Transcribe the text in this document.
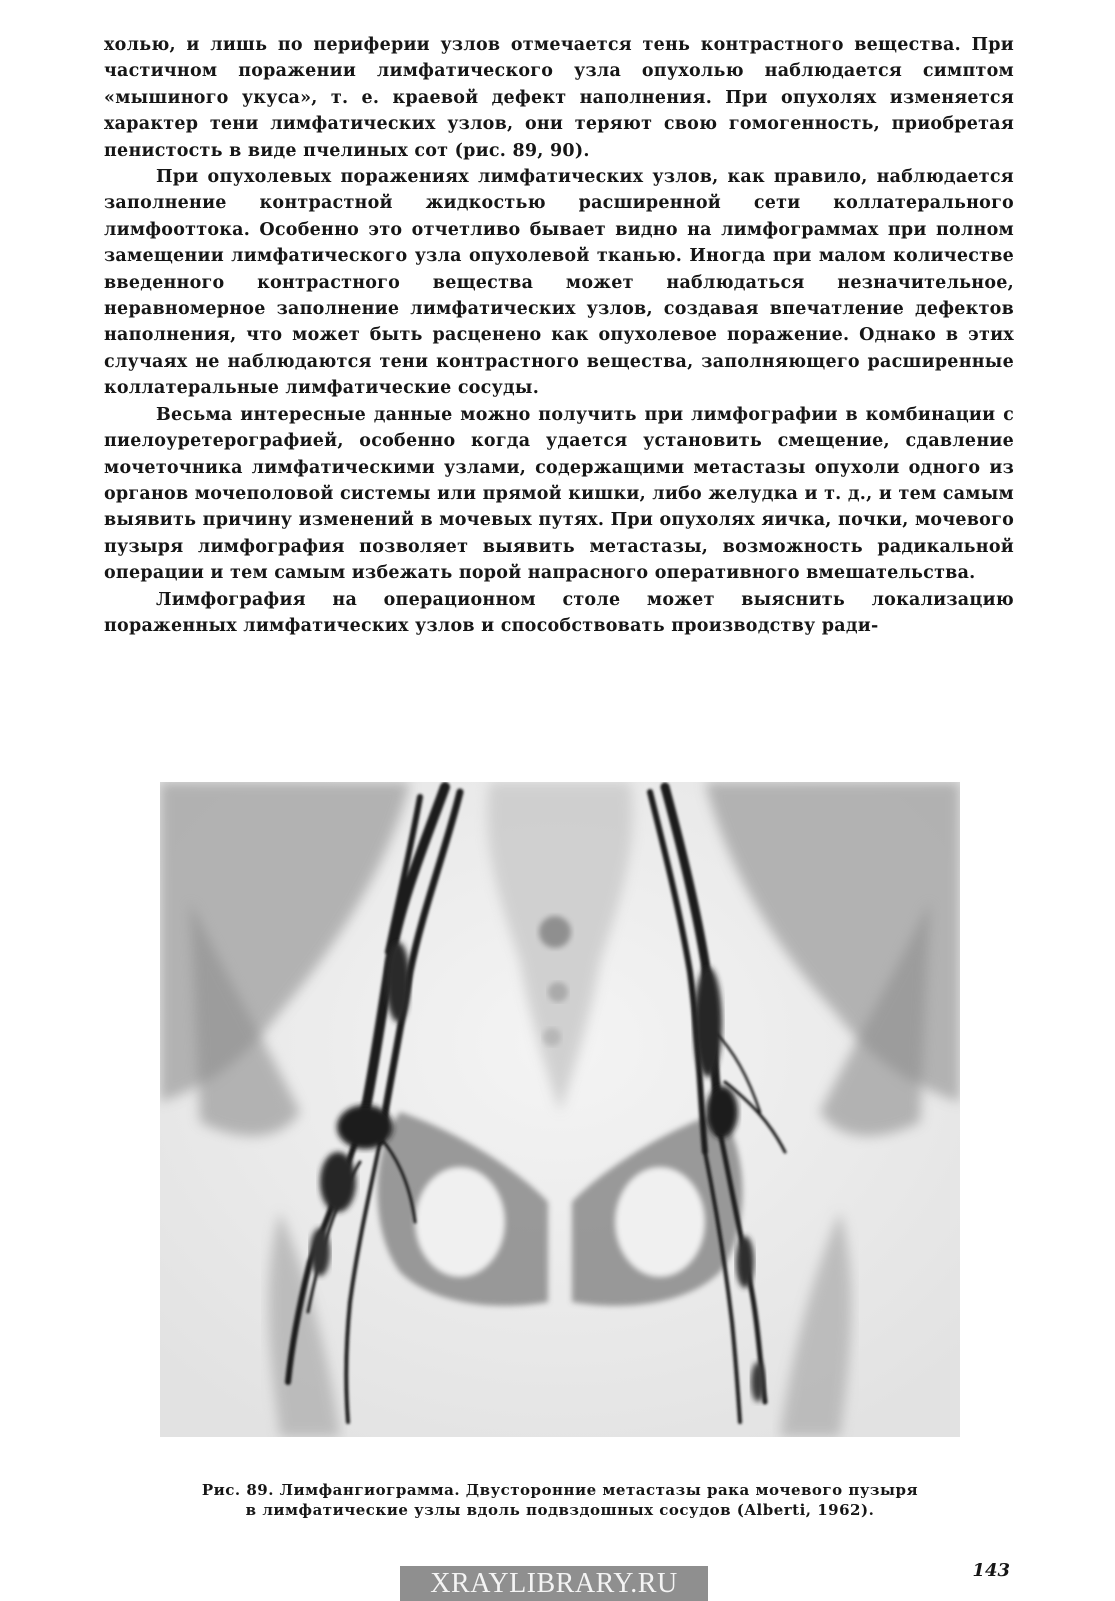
холью, и лишь по периферии узлов отмечается тень контрастного вещества. При частичном поражении лимфатического узла опухолью наблюдается симптом «мышиного укуса», т. е. краевой дефект наполнения. При опухолях изменяется характер тени лимфатических узлов, они теряют свою гомогенность, приобретая пенистость в виде пчелиных сот (рис. 89, 90).

При опухолевых поражениях лимфатических узлов, как правило, наблюдается заполнение контрастной жидкостью расширенной сети коллатерального лимфооттока. Особенно это отчетливо бывает видно на лимфограммах при полном замещении лимфатического узла опухолевой тканью. Иногда при малом количестве введенного контрастного вещества может наблюдаться незначительное, неравномерное заполнение лимфатических узлов, создавая впечатление дефектов наполнения, что может быть расценено как опухолевое поражение. Однако в этих случаях не наблюдаются тени контрастного вещества, заполняющего расширенные коллатеральные лимфатические сосуды.

Весьма интересные данные можно получить при лимфографии в комбинации с пиелоуретерографией, особенно когда удается установить смещение, сдавление мочеточника лимфатическими узлами, содержащими метастазы опухоли одного из органов мочеполовой системы или прямой кишки, либо желудка и т. д., и тем самым выявить причину изменений в мочевых путях. При опухолях яичка, почки, мочевого пузыря лимфография позволяет выявить метастазы, возможность радикальной операции и тем самым избежать порой напрасного оперативного вмешательства.

Лимфография на операционном столе может выяснить локализацию пораженных лимфатических узлов и способствовать производству ради-

Рис. 89. Лимфангиограмма. Двусторонние метастазы рака мочевого пузыря
в лимфатические узлы вдоль подвздошных сосудов (Alberti, 1962).
143
XRAYLIBRARY.RU
